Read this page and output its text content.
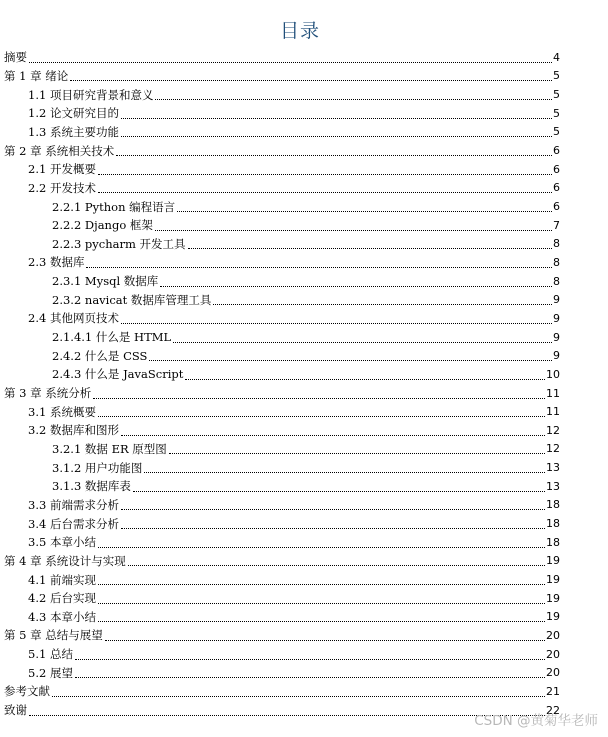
目录
摘要	4
第 1 章 绪论	5
1.1 项目研究背景和意义	5
1.2 论文研究目的	5
1.3 系统主要功能	5
第 2 章 系统相关技术	6
2.1 开发概要	6
2.2 开发技术	6
2.2.1 Python 编程语言	6
2.2.2 Django 框架	7
2.2.3 pycharm 开发工具	8
2.3 数据库	8
2.3.1 Mysql 数据库	8
2.3.2 navicat 数据库管理工具	9
2.4 其他网页技术	9
2.1.4.1 什么是 HTML	9
2.4.2 什么是 CSS	9
2.4.3 什么是 JavaScript	10
第 3 章 系统分析	11
3.1 系统概要	11
3.2 数据库和图形	12
3.2.1 数据 ER 原型图	12
3.1.2 用户功能图	13
3.1.3 数据库表	13
3.3 前端需求分析	18
3.4 后台需求分析	18
3.5 本章小结	18
第 4 章 系统设计与实现	19
4.1 前端实现	19
4.2 后台实现	19
4.3 本章小结	19
第 5 章 总结与展望	20
5.1 总结	20
5.2 展望	20
参考文献	21
致谢	22
CSDN @黄菊华老师
